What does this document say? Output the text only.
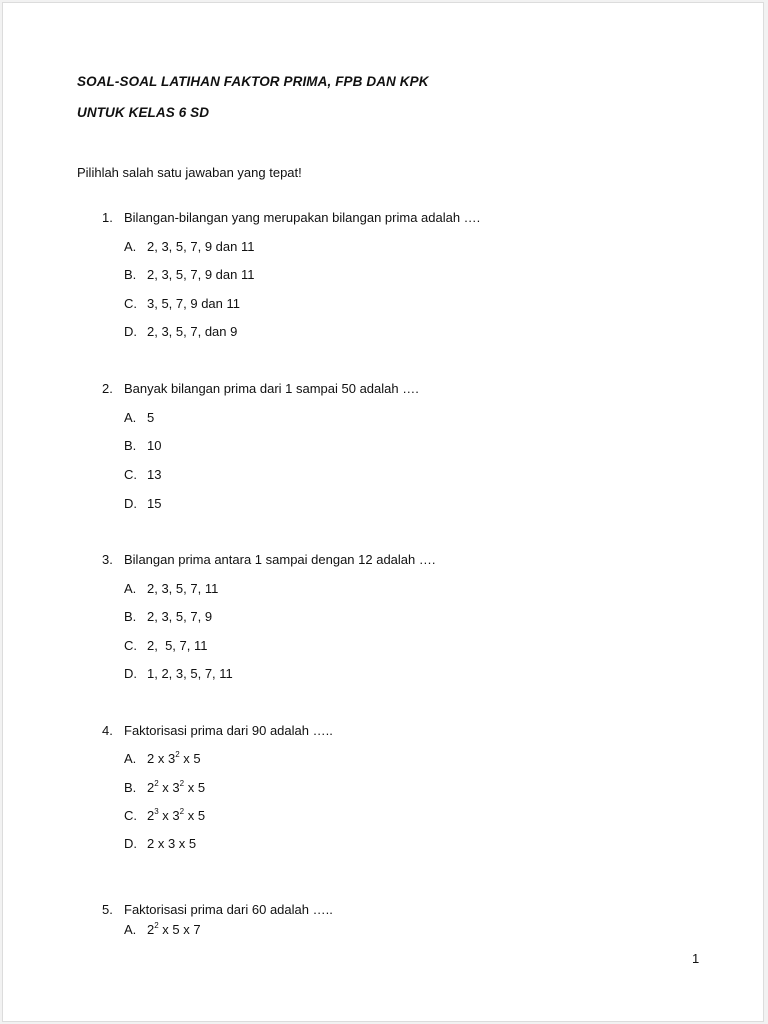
SOAL-SOAL LATIHAN FAKTOR PRIMA, FPB DAN KPK
UNTUK KELAS 6 SD
Pilihlah salah satu jawaban yang tepat!
1. Bilangan-bilangan yang merupakan bilangan prima adalah ….
A. 2, 3, 5, 7, 9 dan 11
B. 2, 3, 5, 7, 9 dan 11
C. 3, 5, 7, 9 dan 11
D. 2, 3, 5, 7, dan 9
2. Banyak bilangan prima dari 1 sampai 50 adalah ….
A. 5
B. 10
C. 13
D. 15
3. Bilangan prima antara 1 sampai dengan 12 adalah ….
A. 2, 3, 5, 7, 11
B. 2, 3, 5, 7, 9
C. 2,  5, 7, 11
D. 1, 2, 3, 5, 7, 11
4. Faktorisasi prima dari 90 adalah …..
A. 2 x $3^2$ x 5
B. $2^2$ x $3^2$ x 5
C. $2^3$ x $3^2$ x 5
D. 2 x 3 x 5
5. Faktorisasi prima dari 60 adalah …..
A. $2^2$ x 5 x 7
1
